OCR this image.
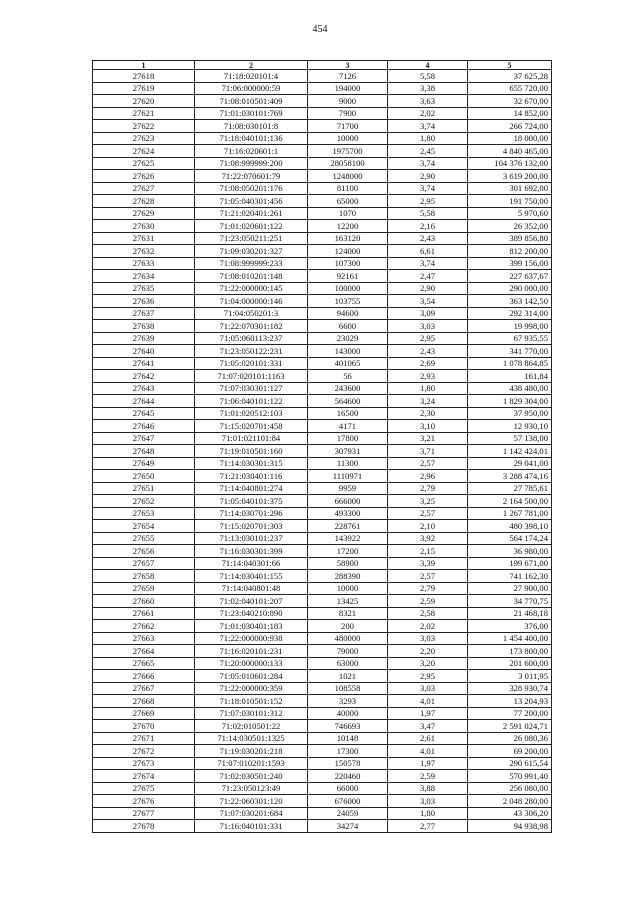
454
1	2	3	4	5
27618	71:18:020101:4	7126	5,58	37 625,28
27619	71:06:000000:59	194000	3,38	655 720,00
27620	71:08:010501:409	9000	3,63	32 670,00
27621	71:01:030101:769	7900	2,02	14 852,00
27622	71:08:030101:8	71700	3,74	266 724,00
27623	71:18:040101:136	10000	1,80	18 000,00
27624	71:16:020601:1	1975700	2,45	4 840 465,00
27625	71:08:999999:200	28058100	3,74	104 376 132,00
27626	71:22:070601:79	1248000	2,90	3 619 200,00
27627	71:08:050201:176	81100	3,74	301 692,00
27628	71:05:040301:456	65000	2,95	191 750,00
27629	71:21:020401:261	1070	5,58	5 970,60
27630	71:01:020601:122	12200	2,16	26 352,00
27631	71:23:050211:251	163120	2,43	389 856,80
27632	71:09:030201:327	124000	6,61	812 200,00
27633	71:08:999999:233	107300	3,74	399 156,00
27634	71:08:010201:148	92161	2,47	227 637,67
27635	71:22:000000:145	100000	2,90	290 000,00
27636	71:04:000000:146	103755	3,54	363 142,50
27637	71:04:050201:3	94600	3,09	292 314,00
27638	71:22:070301:182	6600	3,03	19 998,00
27639	71:05:060113:237	23029	2,95	67 935,55
27640	71:23:050122:231	143000	2,43	341 770,00
27641	71:05:020101:331	401065	2,69	1 078 864,85
27642	71:07:020101:1163	56	2,93	161,84
27643	71:07:030301:127	243600	1,80	438 480,00
27644	71:06:040101:122	564600	3,24	1 829 304,00
27645	71:01:020512:103	16500	2,30	37 950,00
27646	71:15:020701:458	4171	3,10	12 930,10
27647	71:01:021101:84	17800	3,21	57 138,00
27648	71:19:010501:160	307931	3,71	1 142 424,01
27649	71:14:030301:315	11300	2,57	29 041,00
27650	71:21:030401:116	1110971	2,96	3 288 474,16
27651	71:14:040801:274	9959	2,79	27 785,61
27652	71:05:040101:375	666000	3,25	2 164 500,00
27653	71:14:030701:296	493300	2,57	1 267 781,00
27654	71:15:020701:303	228761	2,10	480 398,10
27655	71:13:030101:237	143922	3,92	564 174,24
27656	71:16:030301:399	17200	2,15	36 980,00
27657	71:14:040301:66	58900	3,39	199 671,00
27658	71:14:030401:155	288390	2,57	741 162,30
27659	71:14:040801:48	10000	2,79	27 900,00
27660	71:02:040101:207	13425	2,59	34 770,75
27661	71:23:040210:890	8321	2,58	21 468,18
27662	71:01:030401:183	200	2,02	376,00
27663	71:22:000000:938	480000	3,03	1 454 400,00
27664	71:16:020101:231	79000	2,20	173 800,00
27665	71:20:000000:133	63000	3,20	201 600,00
27666	71:05:010601:284	1021	2,95	3 011,95
27667	71:22:000000:359	108558	3,03	328 930,74
27668	71:18:010501:152	3293	4,01	13 204,93
27669	71:07:030101:312	40000	1,97	77 200,00
27670	71:02:010501:22	746693	3,47	2 591 024,71
27671	71:14:030501:1325	10148	2,61	26 080,36
27672	71:19:030201:218	17300	4,01	69 200,00
27673	71:07:010201:1593	150578	1,97	290 615,54
27674	71:02:030501:240	220460	2,59	570 991,40
27675	71:23:050123:49	66000	3,88	256 080,00
27676	71:22:060301:120	676000	3,03	2 048 280,00
27677	71:07:030201:684	24059	1,80	43 306,20
27678	71:16:040101:331	34274	2,77	94 938,98
